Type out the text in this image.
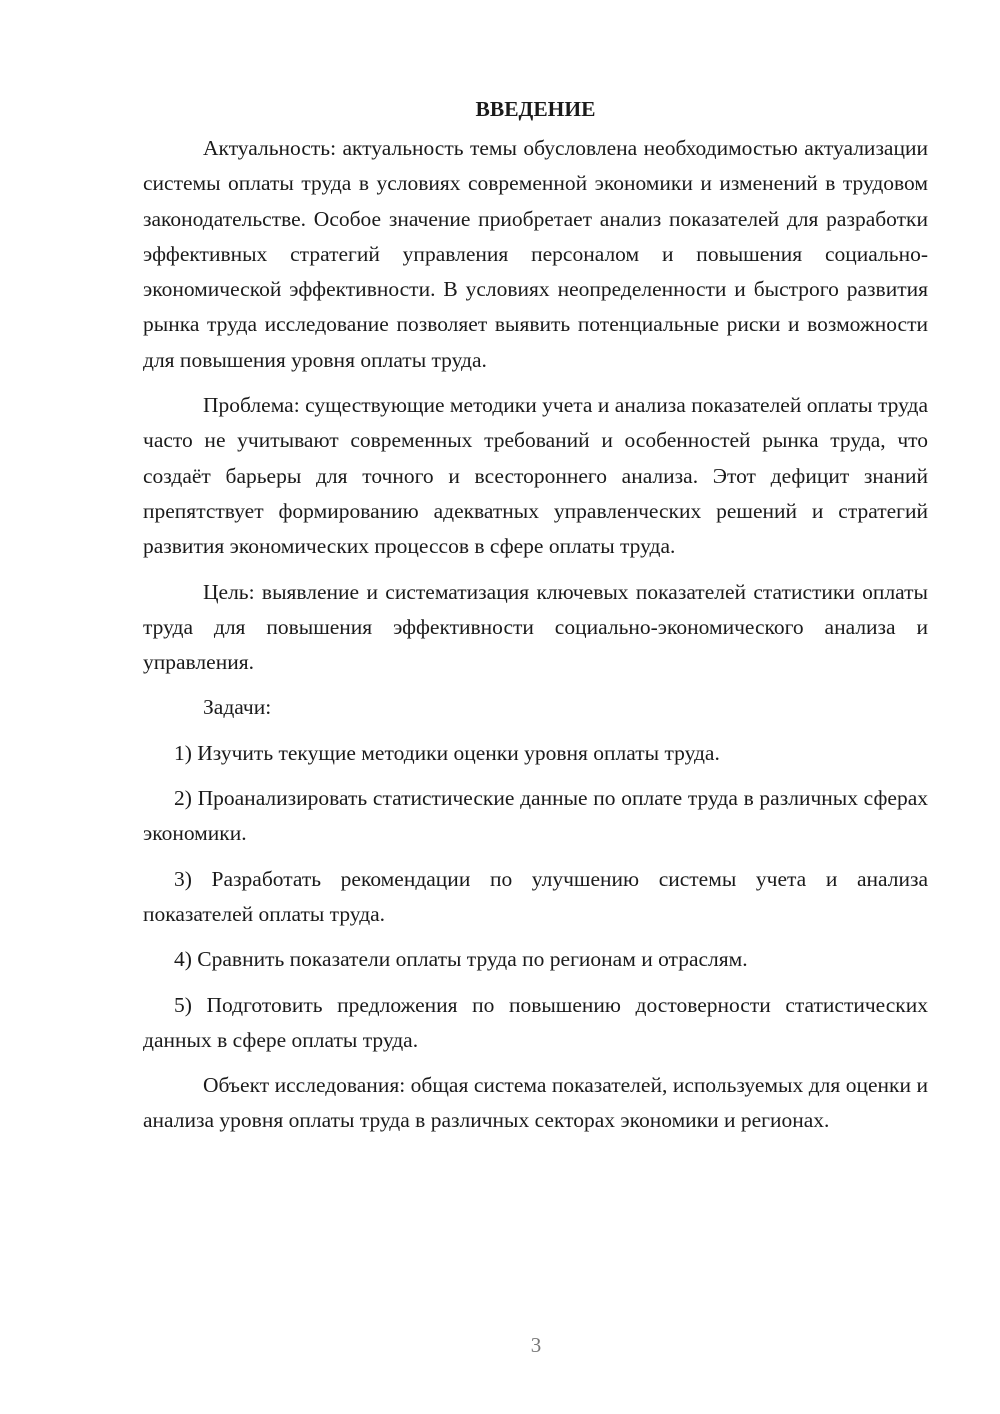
ВВЕДЕНИЕ

Актуальность: актуальность темы обусловлена необходимостью актуализации системы оплаты труда в условиях современной экономики и изменений в трудовом законодательстве. Особое значение приобретает анализ показателей для разработки эффективных стратегий управления персоналом и повышения социально-экономической эффективности. В условиях неопределенности и быстрого развития рынка труда исследование позволяет выявить потенциальные риски и возможности для повышения уровня оплаты труда.

Проблема: существующие методики учета и анализа показателей оплаты труда часто не учитывают современных требований и особенностей рынка труда, что создаёт барьеры для точного и всестороннего анализа. Этот дефицит знаний препятствует формированию адекватных управленческих решений и стратегий развития экономических процессов в сфере оплаты труда.

Цель: выявление и систематизация ключевых показателей статистики оплаты труда для повышения эффективности социально-экономического анализа и управления.

Задачи:

1) Изучить текущие методики оценки уровня оплаты труда.

2) Проанализировать статистические данные по оплате труда в различных сферах экономики.

3) Разработать рекомендации по улучшению системы учета и анализа показателей оплаты труда.

4) Сравнить показатели оплаты труда по регионам и отраслям.

5) Подготовить предложения по повышению достоверности статистических данных в сфере оплаты труда.

Объект исследования: общая система показателей, используемых для оценки и анализа уровня оплаты труда в различных секторах экономики и регионах.

3
